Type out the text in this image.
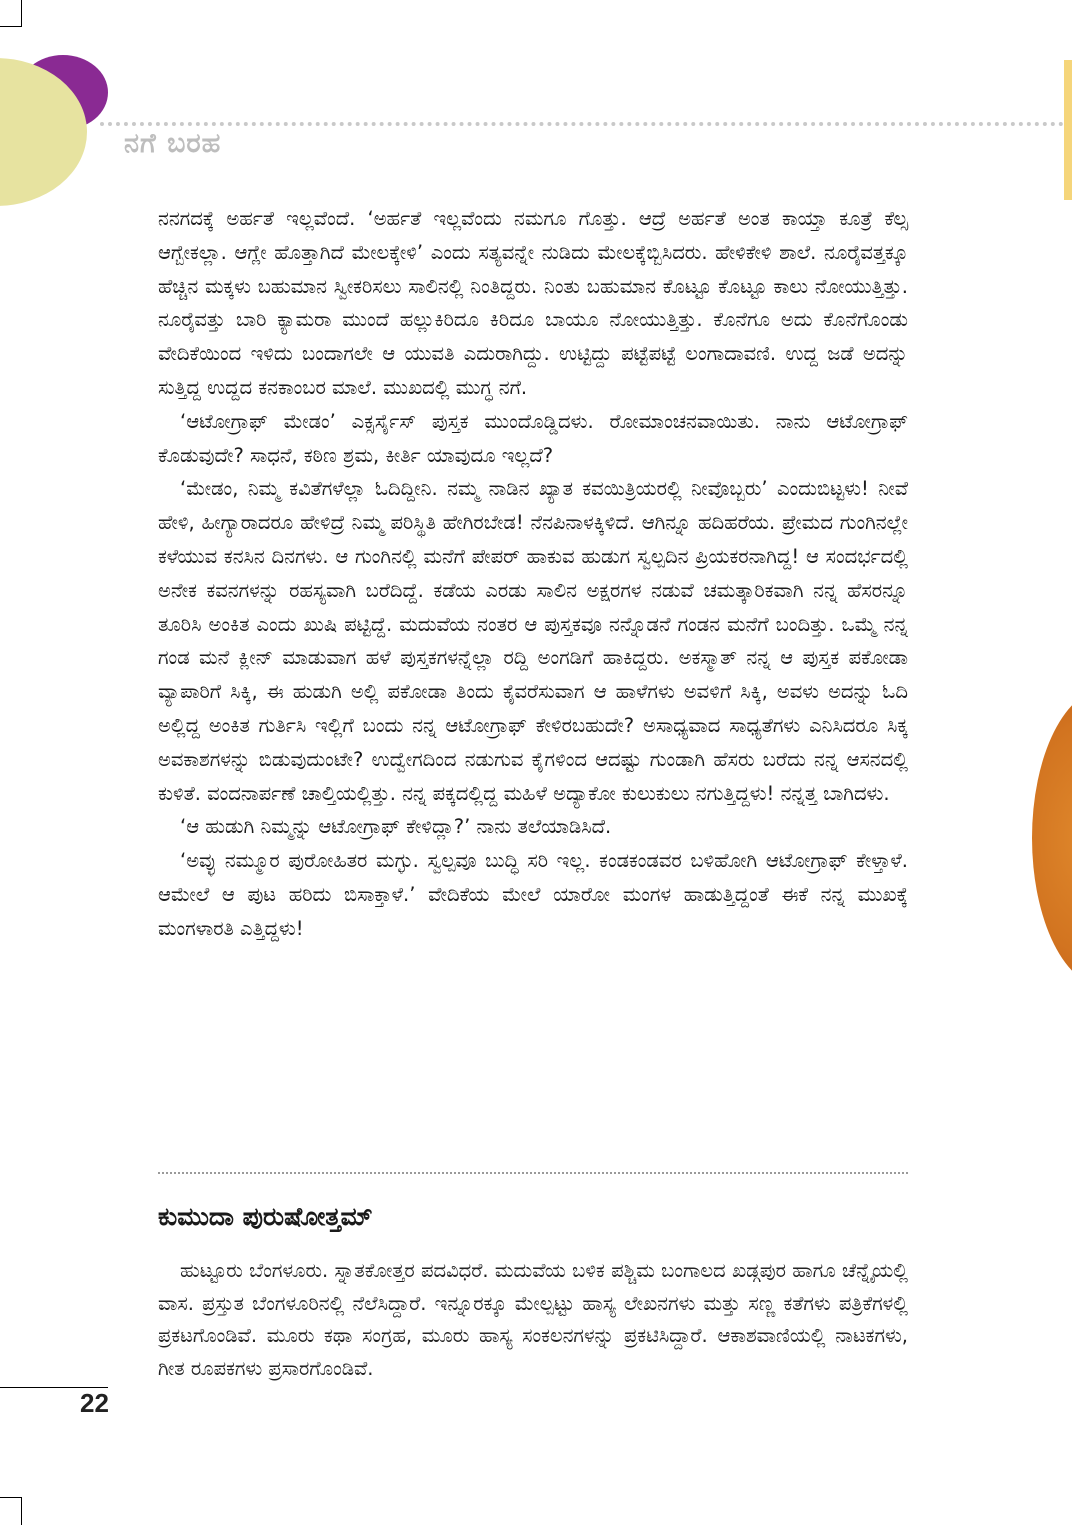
ನಗೆ ಬರಹ

ನನಗದಕ್ಕೆ ಅರ್ಹತೆ ಇಲ್ಲವೆಂದೆ. ‘ಅರ್ಹತೆ ಇಲ್ಲವೆಂದು ನಮಗೂ ಗೊತ್ತು. ಆದ್ರೆ ಅರ್ಹತೆ ಅಂತ ಕಾಯ್ತಾ ಕೂತ್ರೆ ಕೆಲ್ಸ ಆಗ್ಬೇಕಲ್ಲಾ. ಆಗ್ಲೇ ಹೊತ್ತಾಗಿದೆ ಮೇಲಕ್ಕೇಳಿ’ ಎಂದು ಸತ್ಯವನ್ನೇ ನುಡಿದು ಮೇಲಕ್ಕೆಬ್ಬಿಸಿದರು. ಹೇಳಿಕೇಳಿ ಶಾಲೆ. ನೂರೈವತ್ತಕ್ಕೂ ಹೆಚ್ಚಿನ ಮಕ್ಕಳು ಬಹುಮಾನ ಸ್ವೀಕರಿಸಲು ಸಾಲಿನಲ್ಲಿ ನಿಂತಿದ್ದರು. ನಿಂತು ಬಹುಮಾನ ಕೊಟ್ಟೂ ಕೊಟ್ಟೂ ಕಾಲು ನೋಯುತ್ತಿತ್ತು. ನೂರೈವತ್ತು ಬಾರಿ ಕ್ಯಾಮರಾ ಮುಂದೆ ಹಲ್ಲುಕಿರಿದೂ ಕಿರಿದೂ ಬಾಯೂ ನೋಯುತ್ತಿತ್ತು. ಕೊನೆಗೂ ಅದು ಕೊನೆಗೊಂಡು ವೇದಿಕೆಯಿಂದ ಇಳಿದು ಬಂದಾಗಲೇ ಆ ಯುವತಿ ಎದುರಾಗಿದ್ದು. ಉಟ್ಟಿದ್ದು ಪಟ್ಟೆಪಟ್ಟೆ ಲಂಗಾದಾವಣಿ. ಉದ್ದ ಜಡೆ ಅದನ್ನು ಸುತ್ತಿದ್ದ ಉದ್ದದ ಕನಕಾಂಬರ ಮಾಲೆ. ಮುಖದಲ್ಲಿ ಮುಗ್ಧ ನಗೆ.

‘ಆಟೋಗ್ರಾಫ್ ಮೇಡಂ’ ಎಕ್ಸರ್ಸೈಸ್ ಪುಸ್ತಕ ಮುಂದೊಡ್ಡಿದಳು. ರೋಮಾಂಚನವಾಯಿತು. ನಾನು ಆಟೋಗ್ರಾಫ್ ಕೊಡುವುದೇ? ಸಾಧನೆ, ಕಠಿಣ ಶ್ರಮ, ಕೀರ್ತಿ ಯಾವುದೂ ಇಲ್ಲದೆ?

‘ಮೇಡಂ, ನಿಮ್ಮ ಕವಿತೆಗಳೆಲ್ಲಾ ಓದಿದ್ದೀನಿ. ನಮ್ಮ ನಾಡಿನ ಖ್ಯಾತ ಕವಯಿತ್ರಿಯರಲ್ಲಿ ನೀವೊಬ್ಬರು’ ಎಂದುಬಿಟ್ಟಳು! ನೀವೆ ಹೇಳಿ, ಹೀಗ್ಯಾರಾದರೂ ಹೇಳಿದ್ರೆ ನಿಮ್ಮ ಪರಿಸ್ಥಿತಿ ಹೇಗಿರಬೇಡ! ನೆನಪಿನಾಳಕ್ಕಿಳಿದೆ. ಆಗಿನ್ನೂ ಹದಿಹರೆಯ. ಪ್ರೇಮದ ಗುಂಗಿನಲ್ಲೇ ಕಳೆಯುವ ಕನಸಿನ ದಿನಗಳು. ಆ ಗುಂಗಿನಲ್ಲಿ ಮನೆಗೆ ಪೇಪರ್ ಹಾಕುವ ಹುಡುಗ ಸ್ವಲ್ಪದಿನ ಪ್ರಿಯಕರನಾಗಿದ್ದ! ಆ ಸಂದರ್ಭದಲ್ಲಿ ಅನೇಕ ಕವನಗಳನ್ನು ರಹಸ್ಯವಾಗಿ ಬರೆದಿದ್ದೆ. ಕಡೆಯ ಎರಡು ಸಾಲಿನ ಅಕ್ಷರಗಳ ನಡುವೆ ಚಮತ್ಕಾರಿಕವಾಗಿ ನನ್ನ ಹೆಸರನ್ನೂ ತೂರಿಸಿ ಅಂಕಿತ ಎಂದು ಖುಷಿ ಪಟ್ಟಿದ್ದೆ. ಮದುವೆಯ ನಂತರ ಆ ಪುಸ್ತಕವೂ ನನ್ನೊಡನೆ ಗಂಡನ ಮನೆಗೆ ಬಂದಿತ್ತು. ಒಮ್ಮೆ ನನ್ನ ಗಂಡ ಮನೆ ಕ್ಲೀನ್ ಮಾಡುವಾಗ ಹಳೆ ಪುಸ್ತಕಗಳನ್ನೆಲ್ಲಾ ರದ್ದಿ ಅಂಗಡಿಗೆ ಹಾಕಿದ್ದರು. ಅಕಸ್ಮಾತ್ ನನ್ನ ಆ ಪುಸ್ತಕ ಪಕೋಡಾ ವ್ಯಾಪಾರಿಗೆ ಸಿಕ್ಕಿ, ಈ ಹುಡುಗಿ ಅಲ್ಲಿ ಪಕೋಡಾ ತಿಂದು ಕೈವರೆಸುವಾಗ ಆ ಹಾಳೆಗಳು ಅವಳಿಗೆ ಸಿಕ್ಕಿ, ಅವಳು ಅದನ್ನು ಓದಿ ಅಲ್ಲಿದ್ದ ಅಂಕಿತ ಗುರ್ತಿಸಿ ಇಲ್ಲಿಗೆ ಬಂದು ನನ್ನ ಆಟೋಗ್ರಾಫ್ ಕೇಳಿರಬಹುದೇ? ಅಸಾಧ್ಯವಾದ ಸಾಧ್ಯತೆಗಳು ಎನಿಸಿದರೂ ಸಿಕ್ಕ ಅವಕಾಶಗಳನ್ನು ಬಿಡುವುದುಂಟೇ? ಉದ್ವೇಗದಿಂದ ನಡುಗುವ ಕೈಗಳಿಂದ ಆದಷ್ಟು ಗುಂಡಾಗಿ ಹೆಸರು ಬರೆದು ನನ್ನ ಆಸನದಲ್ಲಿ ಕುಳಿತೆ. ವಂದನಾರ್ಪಣೆ ಚಾಲ್ತಿಯಲ್ಲಿತ್ತು. ನನ್ನ ಪಕ್ಕದಲ್ಲಿದ್ದ ಮಹಿಳೆ ಅದ್ಯಾಕೋ ಕುಲುಕುಲು ನಗುತ್ತಿದ್ದಳು! ನನ್ನತ್ತ ಬಾಗಿದಳು.

‘ಆ ಹುಡುಗಿ ನಿಮ್ಮನ್ನು ಆಟೋಗ್ರಾಫ್ ಕೇಳಿದ್ಲಾ?’ ನಾನು ತಲೆಯಾಡಿಸಿದೆ.

‘ಅವ್ಳು ನಮ್ಮೂರ ಪುರೋಹಿತರ ಮಗ್ಳು. ಸ್ವಲ್ಪವೂ ಬುದ್ಧಿ ಸರಿ ಇಲ್ಲ. ಕಂಡಕಂಡವರ ಬಳಿಹೋಗಿ ಆಟೋಗ್ರಾಫ್ ಕೇಳ್ತಾಳೆ. ಆಮೇಲೆ ಆ ಪುಟ ಹರಿದು ಬಿಸಾಕ್ತಾಳೆ.’ ವೇದಿಕೆಯ ಮೇಲೆ ಯಾರೋ ಮಂಗಳ ಹಾಡುತ್ತಿದ್ದಂತೆ ಈಕೆ ನನ್ನ ಮುಖಕ್ಕೆ ಮಂಗಳಾರತಿ ಎತ್ತಿದ್ದಳು!

ಕುಮುದಾ ಪುರುಷೋತ್ತಮ್

ಹುಟ್ಟೂರು ಬೆಂಗಳೂರು. ಸ್ನಾತಕೋತ್ತರ ಪದವಿಧರೆ. ಮದುವೆಯ ಬಳಿಕ ಪಶ್ಚಿಮ ಬಂಗಾಲದ ಖಡ್ಗಪುರ ಹಾಗೂ ಚೆನ್ನೈಯಲ್ಲಿ ವಾಸ. ಪ್ರಸ್ತುತ ಬೆಂಗಳೂರಿನಲ್ಲಿ ನೆಲೆಸಿದ್ದಾರೆ. ಇನ್ನೂರಕ್ಕೂ ಮೇಲ್ಪಟ್ಟು ಹಾಸ್ಯ ಲೇಖನಗಳು ಮತ್ತು ಸಣ್ಣ ಕತೆಗಳು ಪತ್ರಿಕೆಗಳಲ್ಲಿ ಪ್ರಕಟಗೊಂಡಿವೆ. ಮೂರು ಕಥಾ ಸಂಗ್ರಹ, ಮೂರು ಹಾಸ್ಯ ಸಂಕಲನಗಳನ್ನು ಪ್ರಕಟಿಸಿದ್ದಾರೆ. ಆಕಾಶವಾಣಿಯಲ್ಲಿ ನಾಟಕಗಳು, ಗೀತ ರೂಪಕಗಳು ಪ್ರಸಾರಗೊಂಡಿವೆ.

22
